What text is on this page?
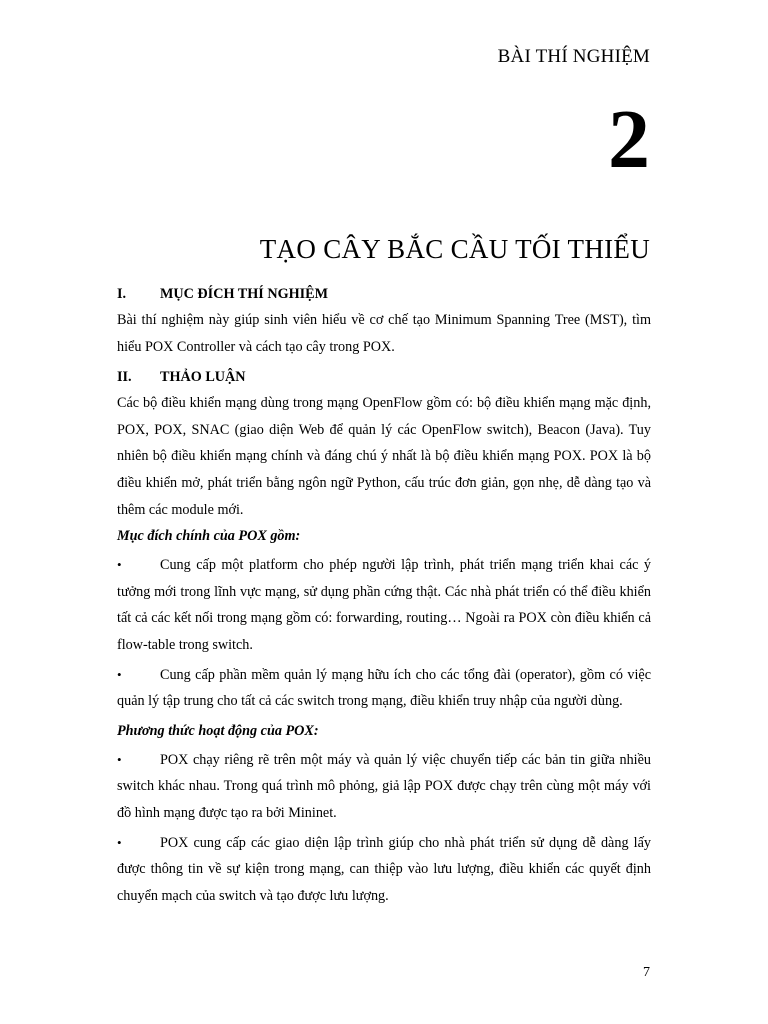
BÀI THÍ NGHIỆM
2
TẠO CÂY BẮC CẦU TỐI THIỂU
I.	MỤC ĐÍCH THÍ NGHIỆM

Bài thí nghiệm này giúp sinh viên hiểu về cơ chế tạo Minimum Spanning Tree (MST), tìm hiểu POX Controller và cách tạo cây trong POX.

II.	THẢO LUẬN

Các bộ điều khiển mạng dùng trong mạng OpenFlow gồm có: bộ điều khiển mạng mặc định, POX, POX, SNAC (giao diện Web để quản lý các OpenFlow switch), Beacon (Java). Tuy nhiên bộ điều khiển mạng chính và đáng chú ý nhất là bộ điều khiển mạng POX. POX là bộ điều khiển mở, phát triển bằng ngôn ngữ Python, cấu trúc đơn giản, gọn nhẹ, dễ dàng tạo và thêm các module mới.

Mục đích chính của POX gồm:

•	Cung cấp một platform cho phép người lập trình, phát triển mạng triển khai các ý tưởng mới trong lĩnh vực mạng, sử dụng phần cứng thật. Các nhà phát triển có thể điều khiển tất cả các kết nối trong mạng gồm có: forwarding, routing… Ngoài ra POX còn điều khiển cả flow-table trong switch.

•	Cung cấp phần mềm quản lý mạng hữu ích cho các tổng đài (operator), gồm có việc quản lý tập trung cho tất cả các switch trong mạng, điều khiển truy nhập của người dùng.

Phương thức hoạt động của POX:

•	POX chạy riêng rẽ trên một máy và quản lý việc chuyển tiếp các bản tin giữa nhiều switch khác nhau. Trong quá trình mô phỏng, giả lập POX được chạy trên cùng một máy với đồ hình mạng được tạo ra bởi Mininet.

•	POX cung cấp các giao diện lập trình giúp cho nhà phát triển sử dụng dễ dàng lấy được thông tin về sự kiện trong mạng, can thiệp vào lưu lượng, điều khiển các quyết định chuyển mạch của switch và tạo được lưu lượng.

7
